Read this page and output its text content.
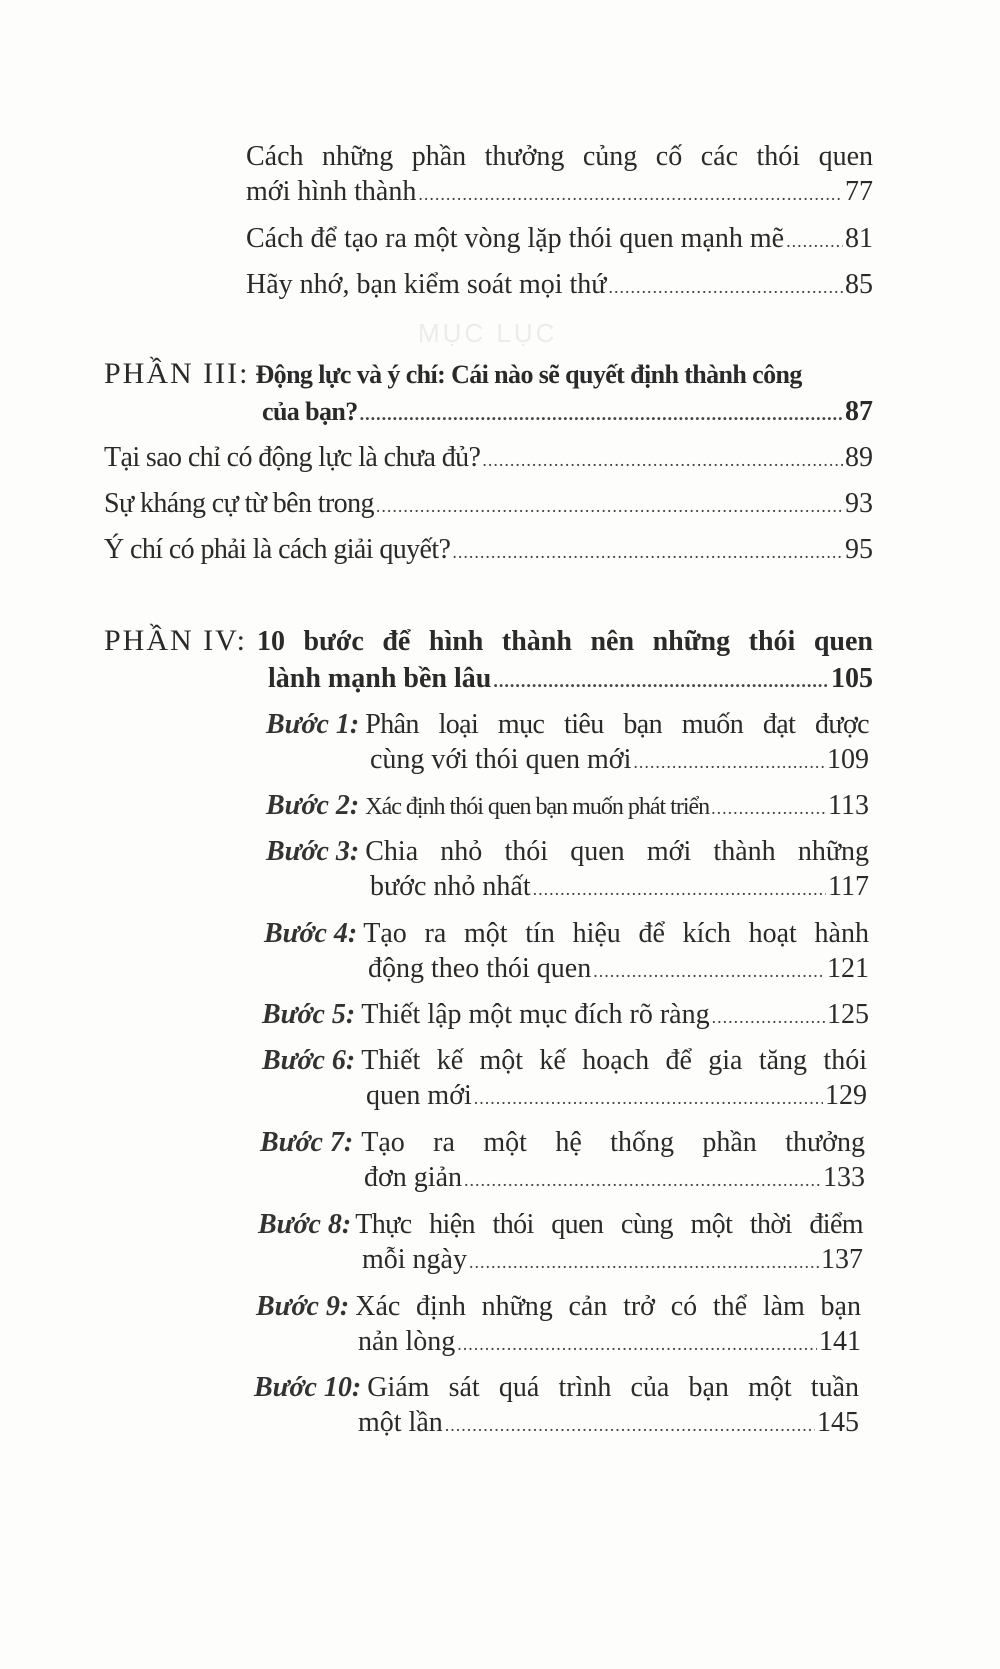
MỤC LỤC
Cách những phần thưởng củng cố các thói quen
mới hình thành .....	77
Cách để tạo ra một vòng lặp thói quen mạnh mẽ ..... 81
Hãy nhớ, bạn kiểm soát mọi thứ .....	85
PHẦN III: Động lực và ý chí: Cái nào sẽ quyết định thành công
của bạn? .....	87
Tại sao chỉ có động lực là chưa đủ? .....	89
Sự kháng cự từ bên trong .....	93
Ý chí có phải là cách giải quyết? .....	95
PHẦN IV: 10 bước để hình thành nên những thói quen
lành mạnh bền lâu .....	105
Bước 1: Phân loại mục tiêu bạn muốn đạt được
cùng với thói quen mới .....	109
Bước 2: Xác định thói quen bạn muốn phát triển .....	113
Bước 3: Chia nhỏ thói quen mới thành những
bước nhỏ nhất .....	117
Bước 4: Tạo ra một tín hiệu để kích hoạt hành
động theo thói quen .....	121
Bước 5: Thiết lập một mục đích rõ ràng .....	125
Bước 6: Thiết kế một kế hoạch để gia tăng thói
quen mới .....	129
Bước 7: Tạo ra một hệ thống phần thưởng
đơn giản .....	133
Bước 8: Thực hiện thói quen cùng một thời điểm
mỗi ngày .....	137
Bước 9: Xác định những cản trở có thể làm bạn
nản lòng .....	141
Bước 10: Giám sát quá trình của bạn một tuần
một lần .....	145
